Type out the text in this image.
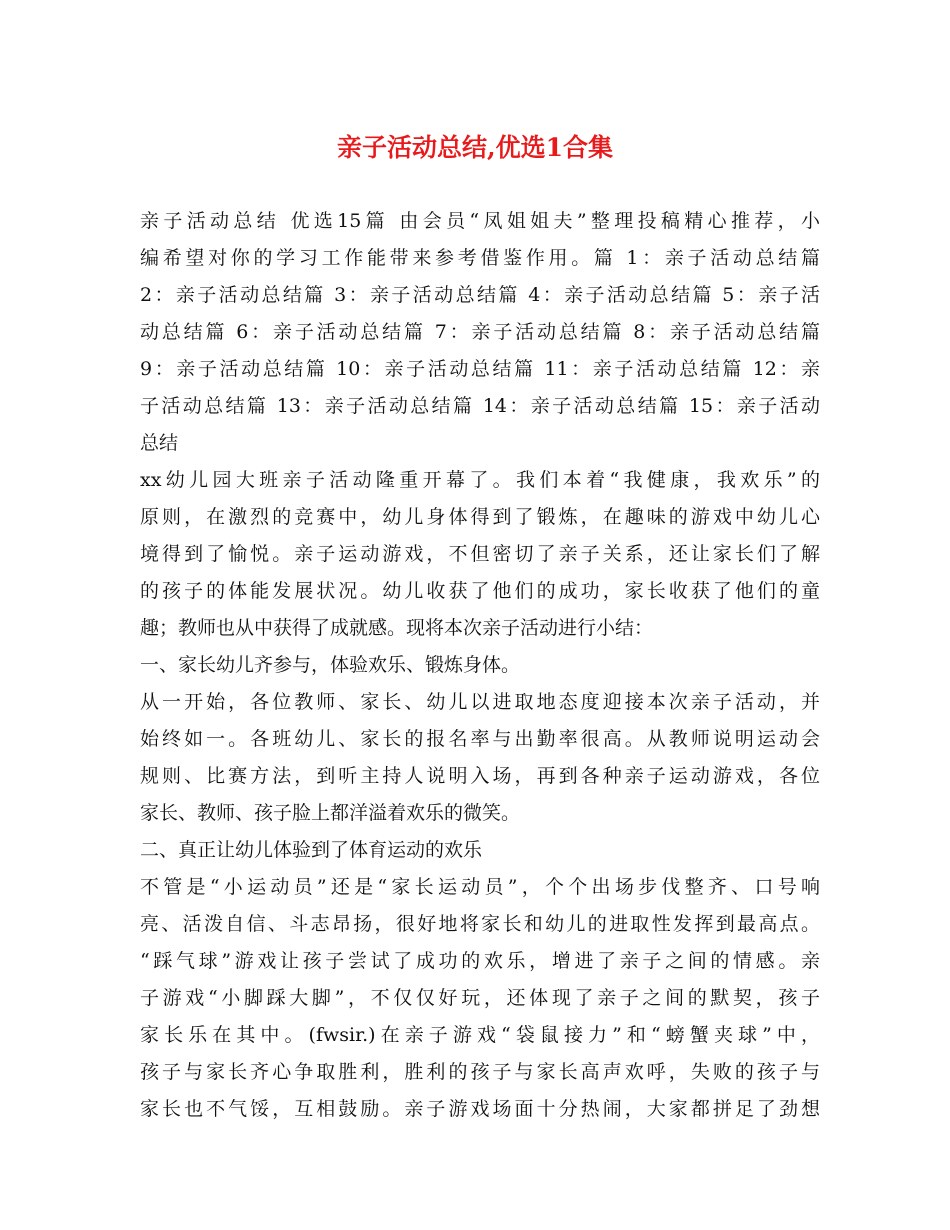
亲子活动总结,优选1合集
亲子活动总结 优选15篇 由会员“凤姐姐夫”整理投稿精心推荐，小
编希望对你的学习工作能带来参考借鉴作用。篇 1：亲子活动总结篇
2：亲子活动总结篇 3：亲子活动总结篇 4：亲子活动总结篇 5：亲子活
动总结篇 6：亲子活动总结篇 7：亲子活动总结篇 8：亲子活动总结篇
9：亲子活动总结篇 10：亲子活动总结篇 11：亲子活动总结篇 12：亲
子活动总结篇 13：亲子活动总结篇 14：亲子活动总结篇 15：亲子活动
总结
xx幼儿园大班亲子活动隆重开幕了。我们本着“我健康，我欢乐”的
原则，在激烈的竞赛中，幼儿身体得到了锻炼，在趣味的游戏中幼儿心
境得到了愉悦。亲子运动游戏，不但密切了亲子关系，还让家长们了解
的孩子的体能发展状况。幼儿收获了他们的成功，家长收获了他们的童
趣；教师也从中获得了成就感。现将本次亲子活动进行小结：
一、家长幼儿齐参与，体验欢乐、锻炼身体。
从一开始，各位教师、家长、幼儿以进取地态度迎接本次亲子活动，并
始终如一。各班幼儿、家长的报名率与出勤率很高。从教师说明运动会
规则、比赛方法，到听主持人说明入场，再到各种亲子运动游戏，各位
家长、教师、孩子脸上都洋溢着欢乐的微笑。
二、真正让幼儿体验到了体育运动的欢乐
不管是“小运动员”还是“家长运动员”，个个出场步伐整齐、口号响
亮、活泼自信、斗志昂扬，很好地将家长和幼儿的进取性发挥到最高点。
“踩气球”游戏让孩子尝试了成功的欢乐，增进了亲子之间的情感。亲
子游戏“小脚踩大脚”，不仅仅好玩，还体现了亲子之间的默契，孩子
家长乐在其中。(fwsir.)在亲子游戏“袋鼠接力”和“螃蟹夹球”中，
孩子与家长齐心争取胜利，胜利的孩子与家长高声欢呼，失败的孩子与
家长也不气馁，互相鼓励。亲子游戏场面十分热闹，大家都拼足了劲想
